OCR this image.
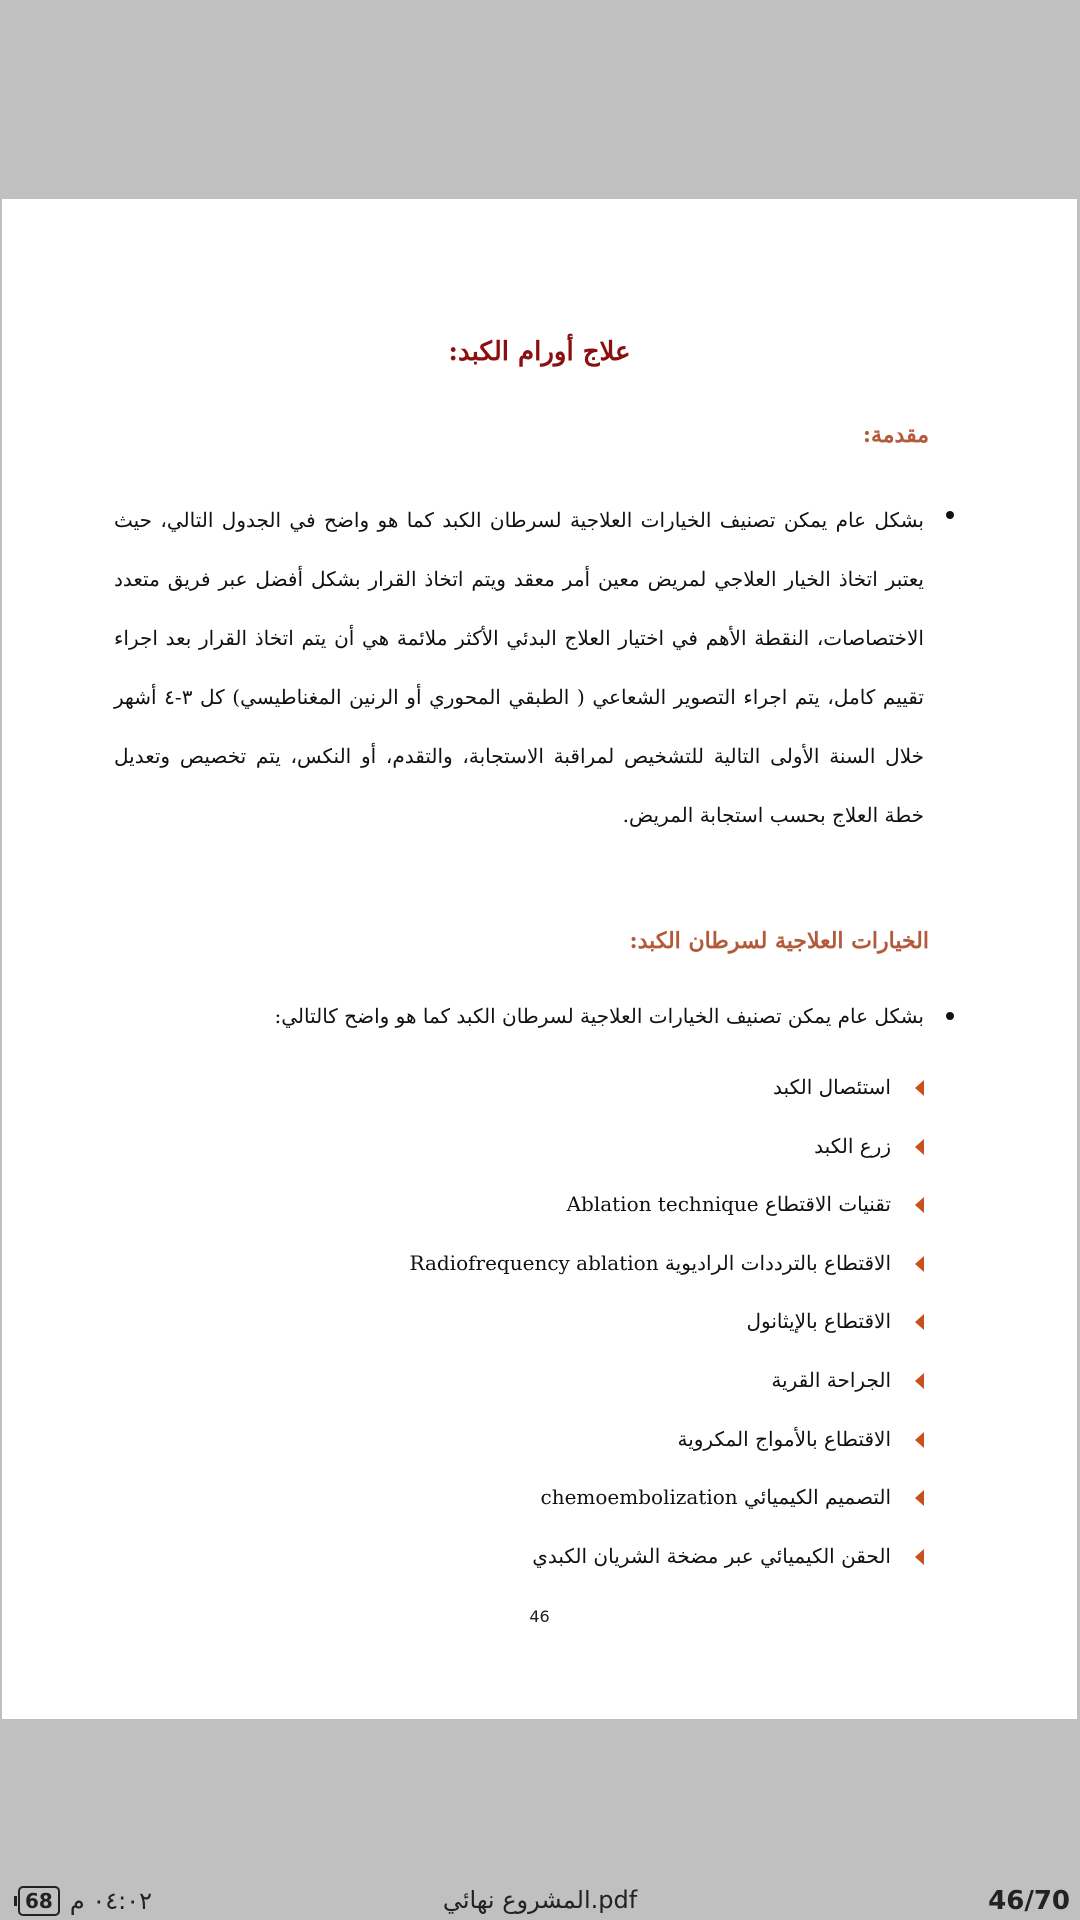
علاج أورام الكبد:
مقدمة:

بشكل عام يمكن تصنيف الخيارات العلاجية لسرطان الكبد كما هو واضح في الجدول التالي، حيث يعتبر اتخاذ الخيار العلاجي لمريض معين أمر معقد ويتم اتخاذ القرار بشكل أفضل عبر فريق متعدد الاختصاصات، النقطة الأهم في اختيار العلاج البدئي الأكثر ملائمة هي أن يتم اتخاذ القرار بعد اجراء تقييم كامل، يتم اجراء التصوير الشعاعي ( الطبقي المحوري أو الرنين المغناطيسي) كل ٣-٤ أشهر خلال السنة الأولى التالية للتشخيص لمراقبة الاستجابة، والتقدم، أو النكس، يتم تخصيص وتعديل خطة العلاج بحسب استجابة المريض.

الخيارات العلاجية لسرطان الكبد:

بشكل عام يمكن تصنيف الخيارات العلاجية لسرطان الكبد كما هو واضح كالتالي:

استئصال الكبد
زرع الكبد
تقنيات الاقتطاع Ablation technique
الاقتطاع بالترددات الراديوية Radiofrequency ablation
الاقتطاع بالإيثانول
الجراحة القرية
الاقتطاع بالأمواج المكروية
التصميم الكيميائي chemoembolization
الحقن الكيميائي عبر مضخة الشريان الكبدي
46
46/70
المشروع نهائي.pdf
68 ٠٤:٠٢ م
